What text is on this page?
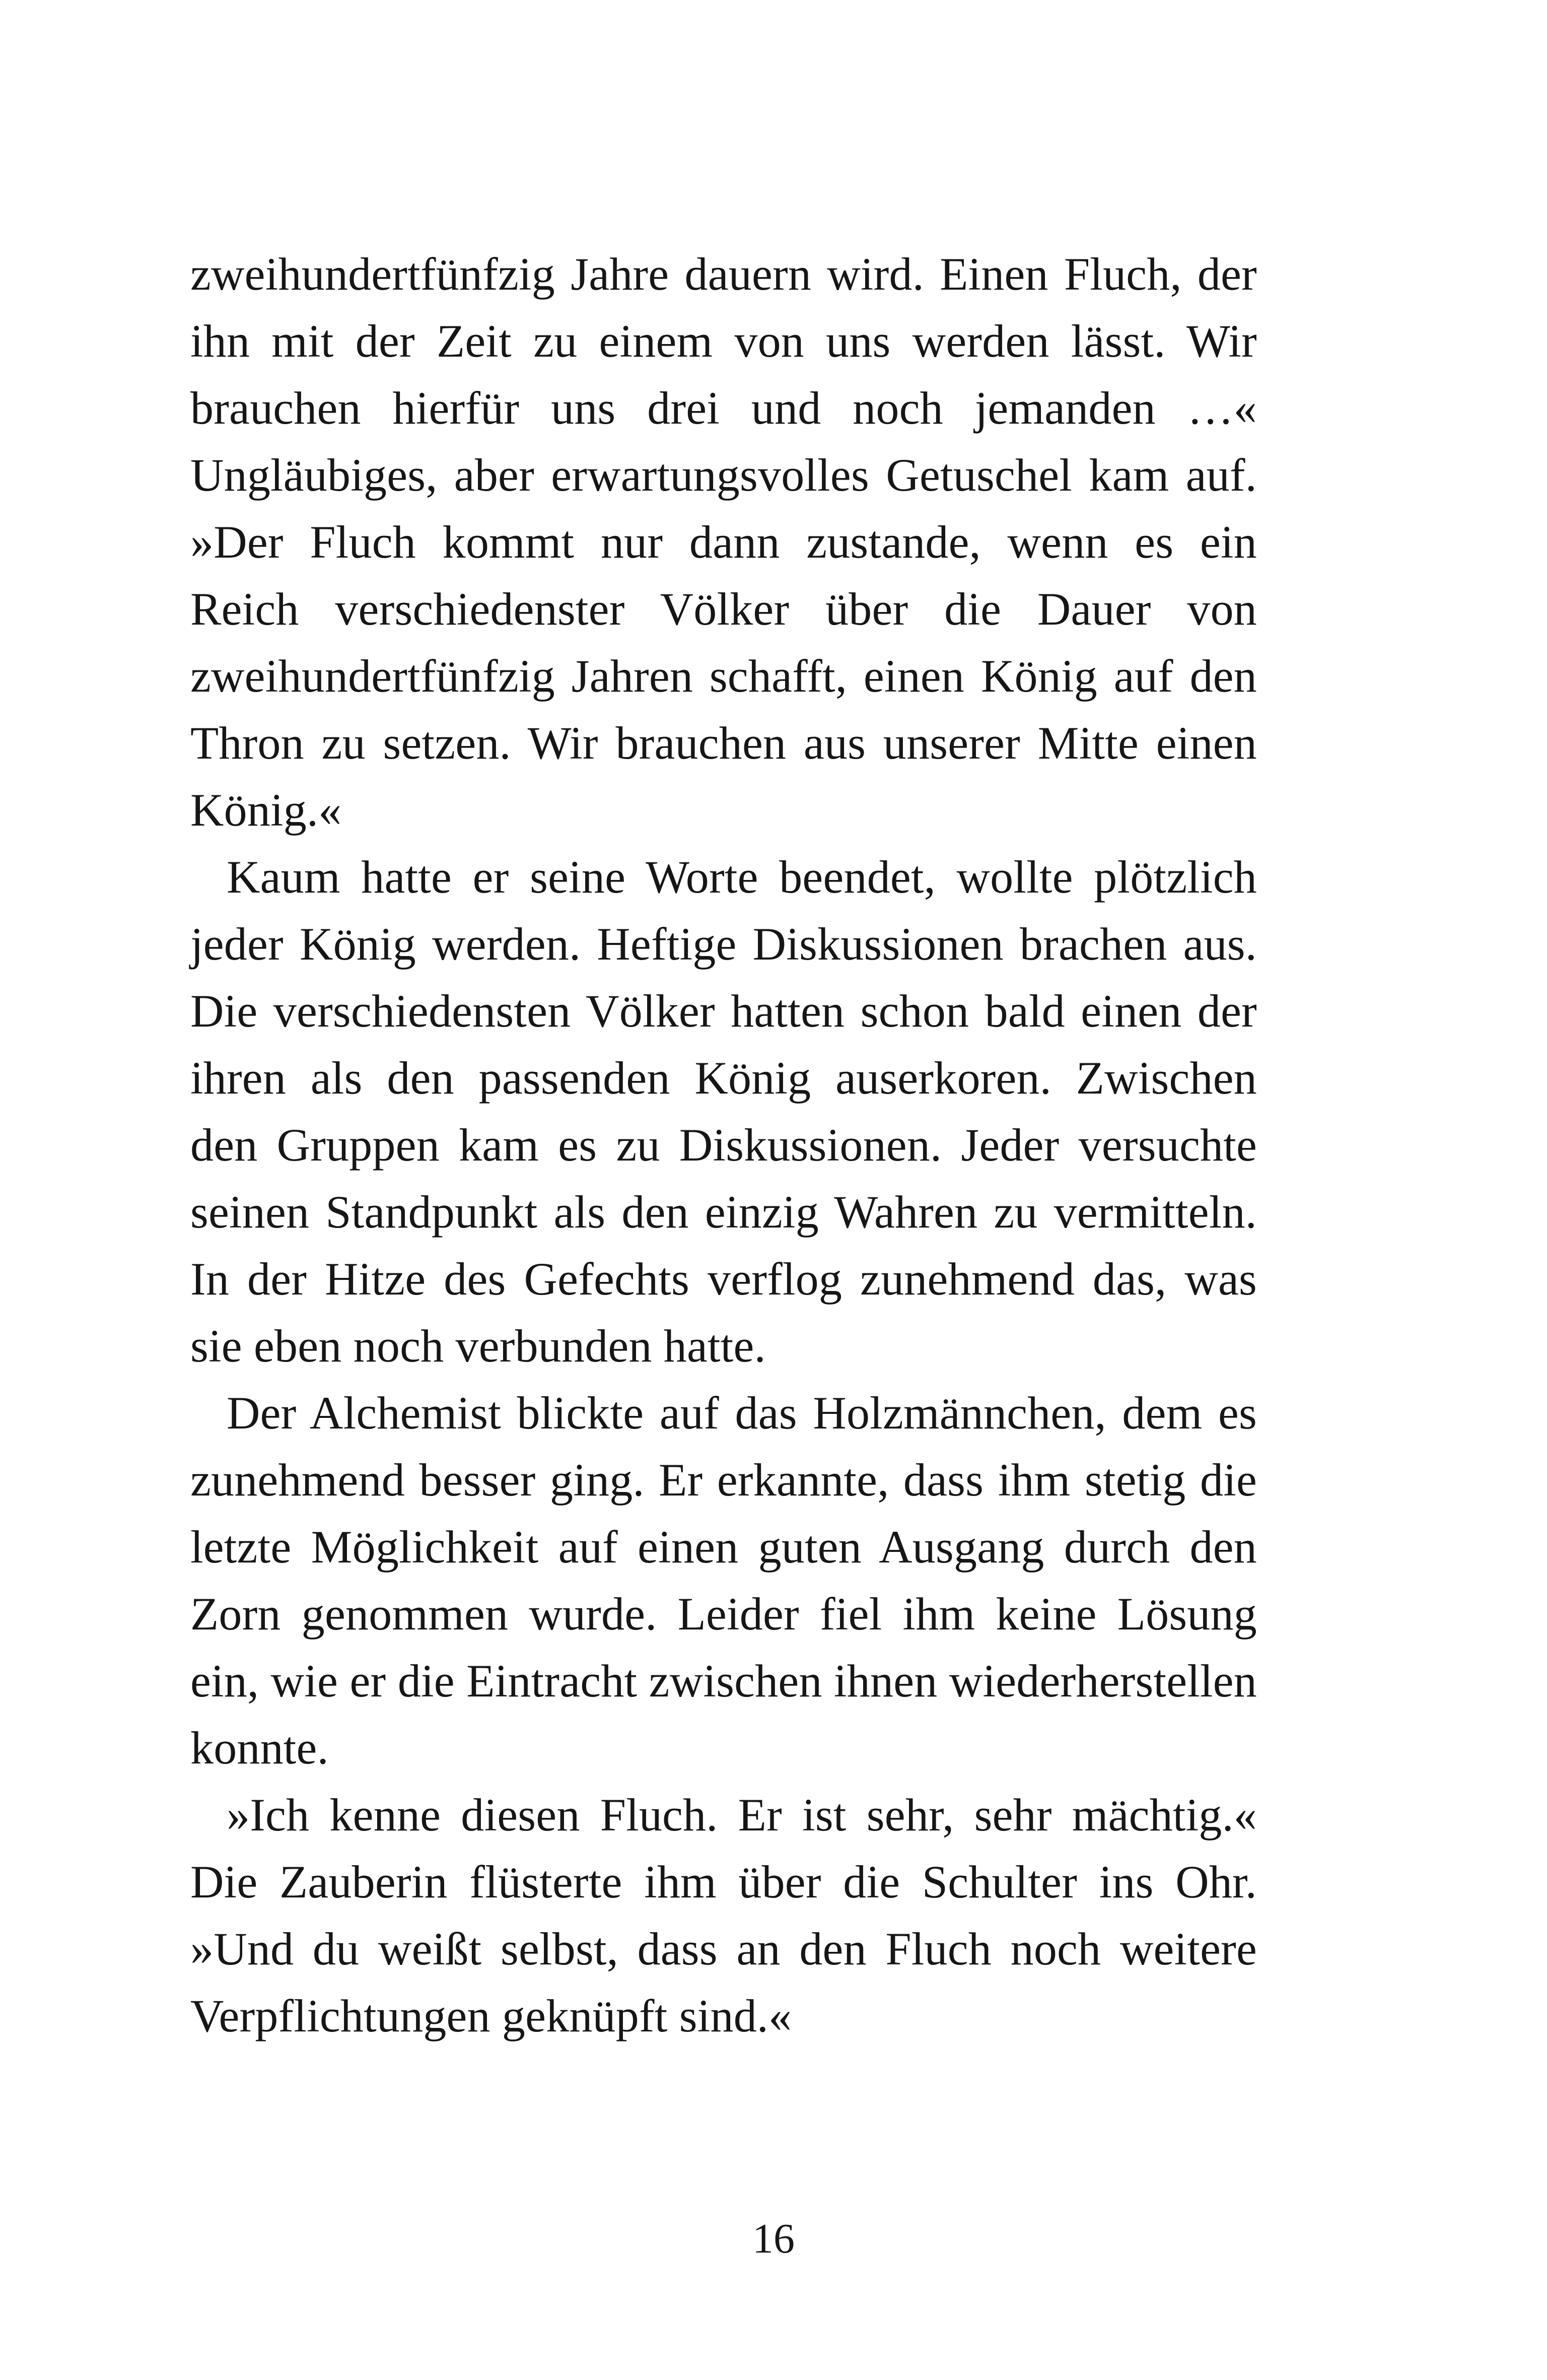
zweihundertfünfzig Jahre dauern wird. Einen Fluch, der ihn mit der Zeit zu einem von uns werden lässt. Wir brauchen hierfür uns drei und noch jemanden …« Ungläubiges, aber erwartungsvolles Getuschel kam auf. »Der Fluch kommt nur dann zustande, wenn es ein Reich verschiedenster Völker über die Dauer von zweihundertfünfzig Jahren schafft, einen König auf den Thron zu setzen. Wir brauchen aus unserer Mitte einen König.«

Kaum hatte er seine Worte beendet, wollte plötzlich jeder König werden. Heftige Diskussionen brachen aus. Die verschiedensten Völker hatten schon bald einen der ihren als den passenden König auserkoren. Zwischen den Gruppen kam es zu Diskussionen. Jeder versuchte seinen Standpunkt als den einzig Wahren zu vermitteln. In der Hitze des Gefechts verflog zunehmend das, was sie eben noch verbunden hatte.

Der Alchemist blickte auf das Holzmännchen, dem es zunehmend besser ging. Er erkannte, dass ihm stetig die letzte Möglichkeit auf einen guten Ausgang durch den Zorn genommen wurde. Leider fiel ihm keine Lösung ein, wie er die Eintracht zwischen ihnen wiederherstellen konnte.

»Ich kenne diesen Fluch. Er ist sehr, sehr mächtig.« Die Zauberin flüsterte ihm über die Schulter ins Ohr. »Und du weißt selbst, dass an den Fluch noch weitere Verpflichtungen geknüpft sind.«

16
